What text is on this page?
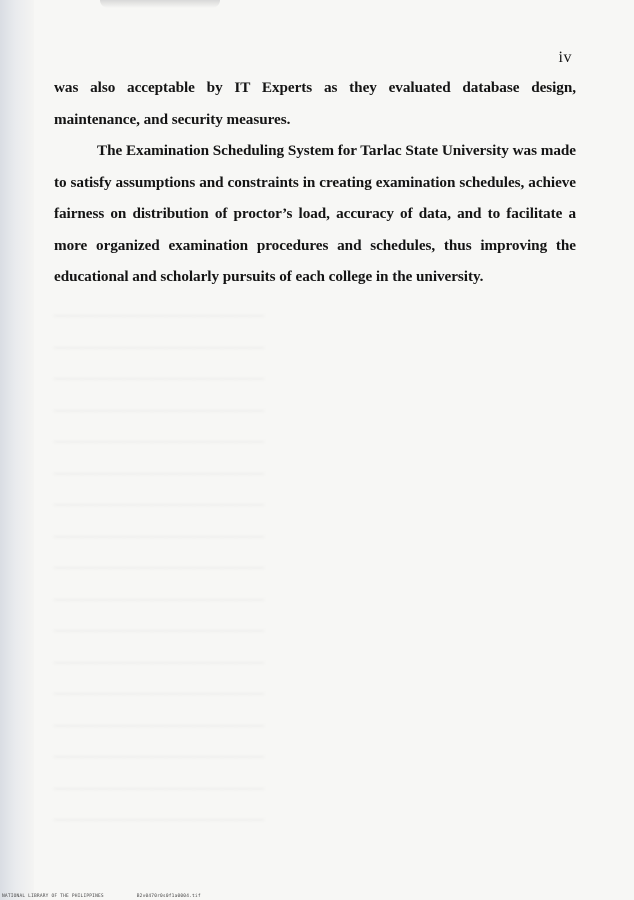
iv

was also acceptable by IT Experts as they evaluated database design, maintenance, and security measures.

The Examination Scheduling System for Tarlac State University was made to satisfy assumptions and constraints in creating examination schedules, achieve fairness on distribution of proctor’s load, accuracy of data, and to facilitate a more organized examination procedures and schedules, thus improving the educational and scholarly pursuits of each college in the university.

———————————————
———————————————
———————————————
———————————————
———————————————
———————————————
———————————————
———————————————
———————————————
———————————————
———————————————
———————————————
———————————————
———————————————
———————————————
———————————————
———————————————
NATIONAL LIBRARY OF THE PHILIPPINES	B2v0470r0s0f1a0004.tif
